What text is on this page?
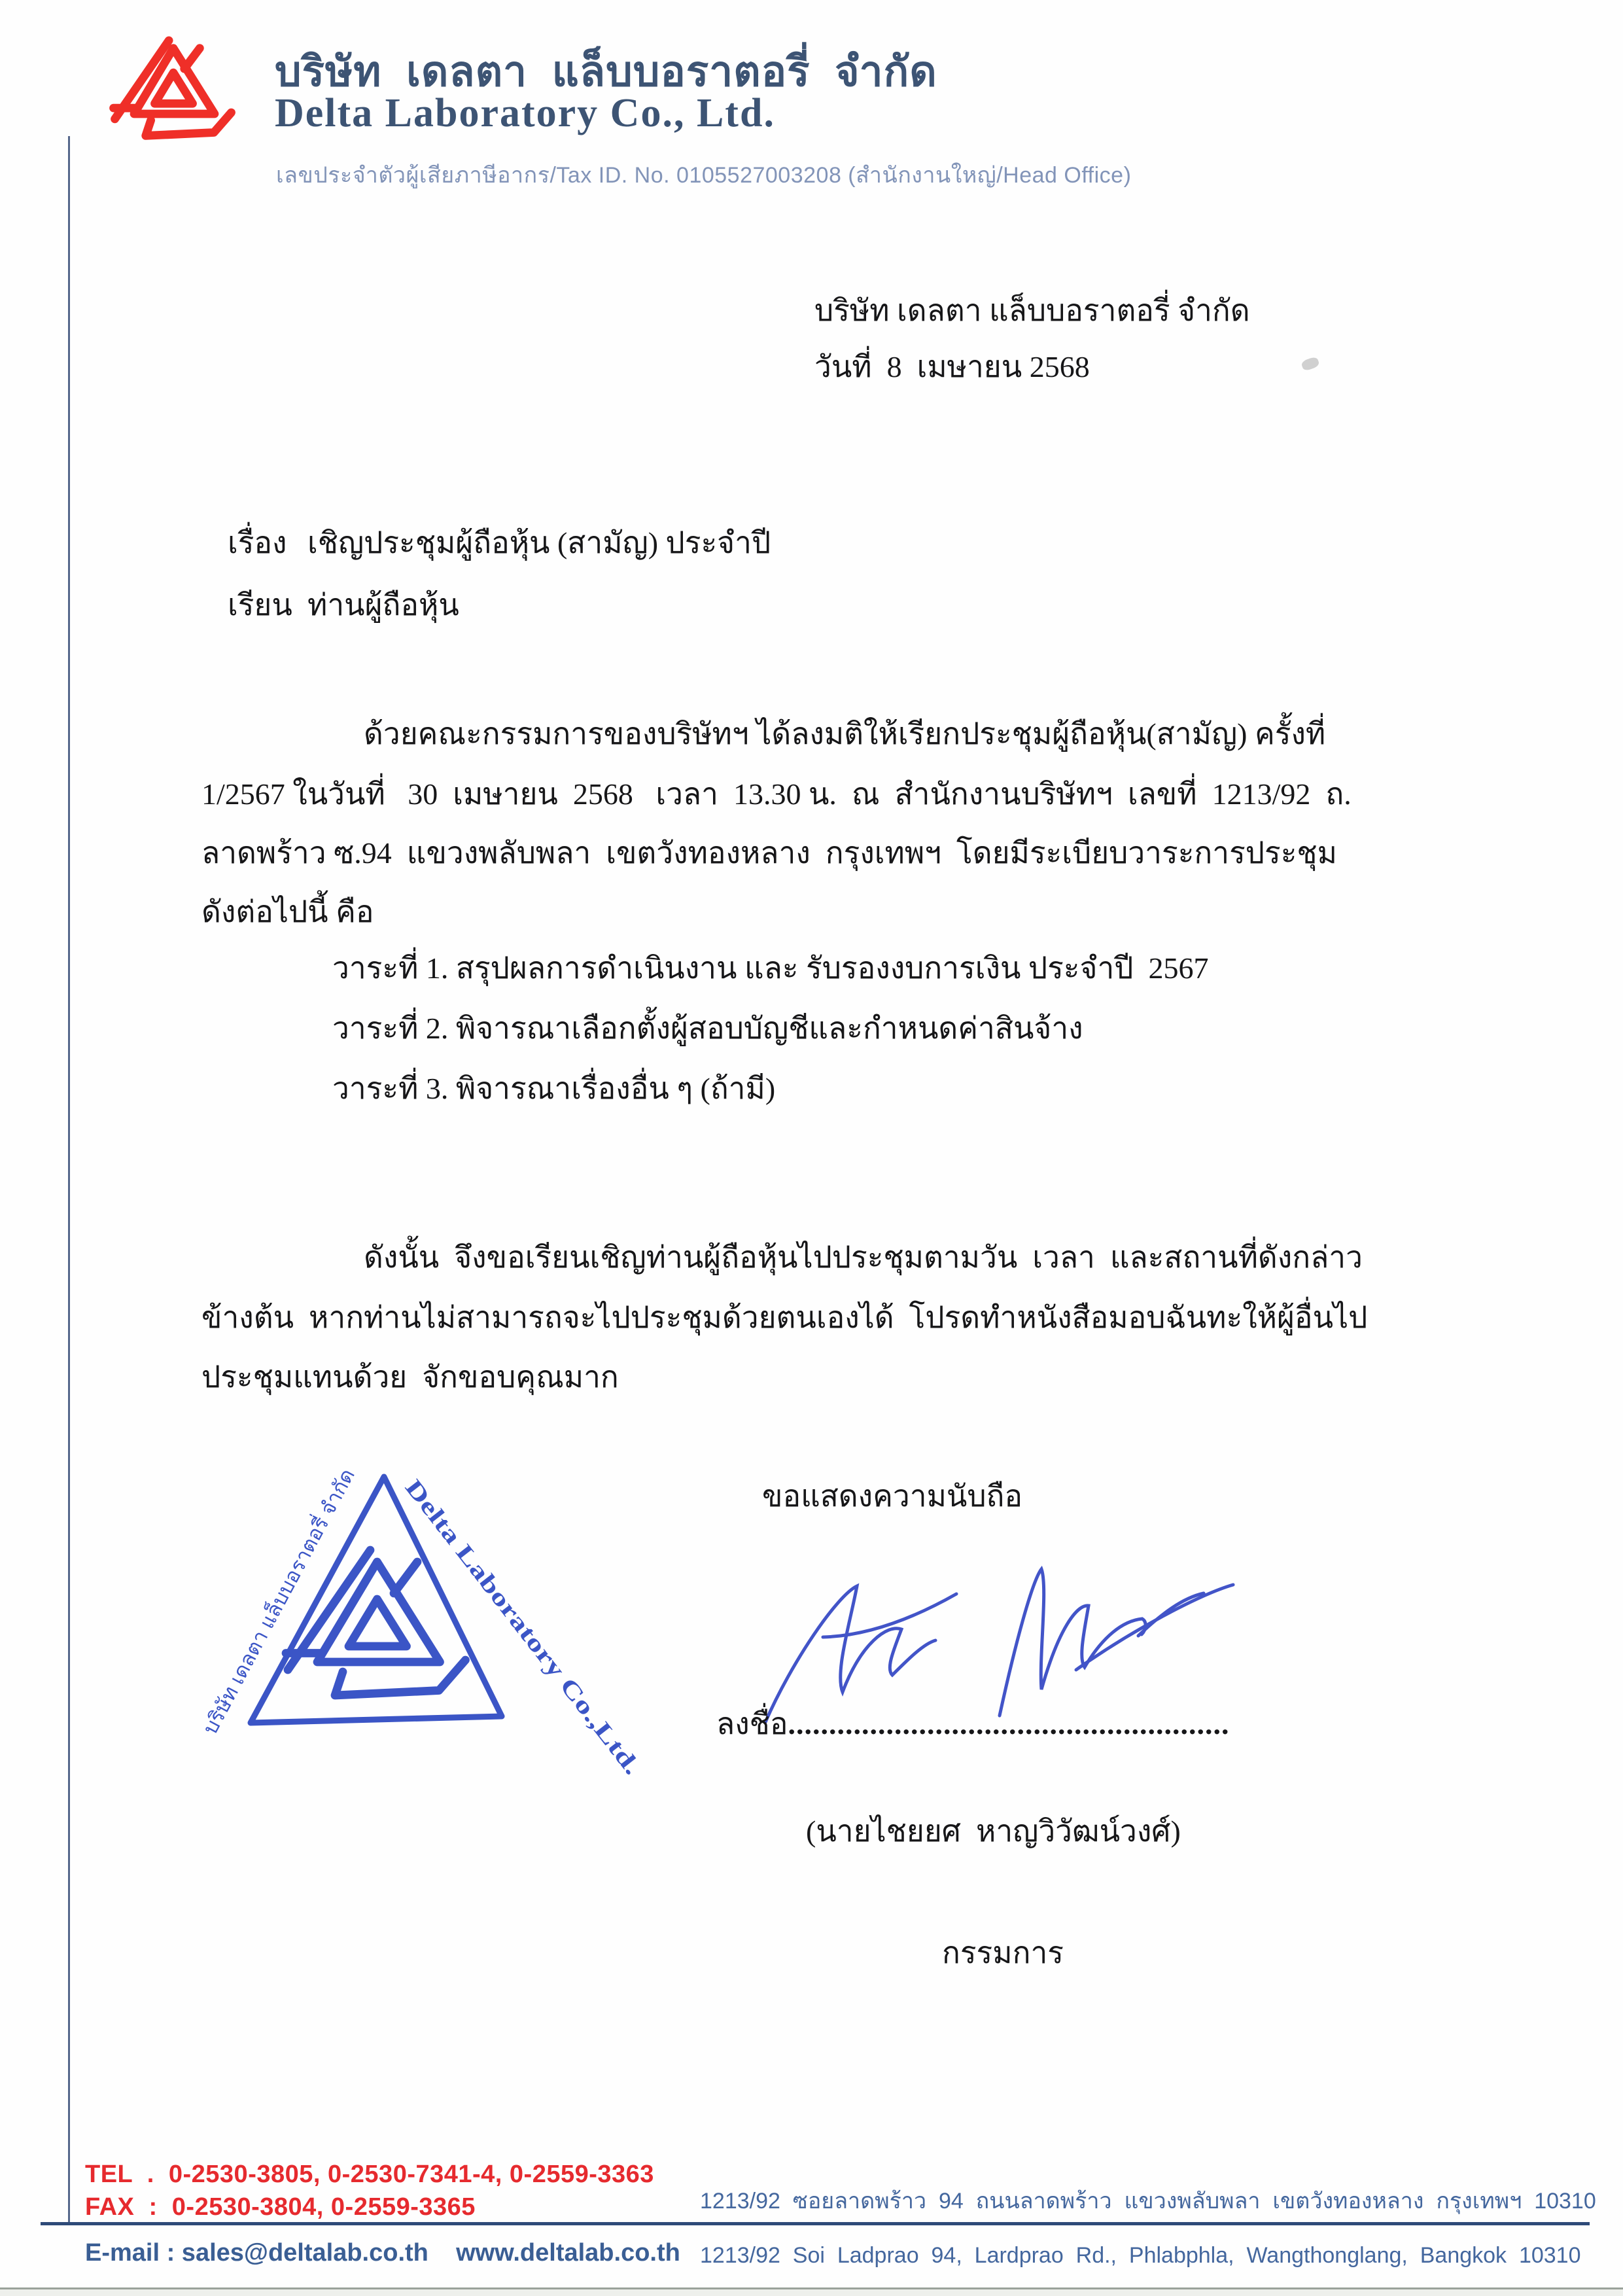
บริษัท  เดลตา  แล็บบอราตอรี่  จำกัด
Delta Laboratory Co., Ltd.
เลขประจำตัวผู้เสียภาษีอากร/Tax ID. No. 0105527003208 (สำนักงานใหญ่/Head Office)
บริษัท เดลตา แล็บบอราตอรี่ จำกัด
วันที่  8  เมษายน 2568
เรื่อง เชิญประชุมผู้ถือหุ้น (สามัญ) ประจำปี
เรียน ท่านผู้ถือหุ้น
ด้วยคณะกรรมการของบริษัทฯ ได้ลงมติให้เรียกประชุมผู้ถือหุ้น(สามัญ) ครั้งที่
1/2567 ในวันที่   30  เมษายน  2568   เวลา  13.30 น.  ณ  สำนักงานบริษัทฯ  เลขที่  1213/92  ถ.
ลาดพร้าว ซ.94  แขวงพลับพลา  เขตวังทองหลาง  กรุงเทพฯ  โดยมีระเบียบวาระการประชุม
ดังต่อไปนี้ คือ
วาระที่ 1. สรุปผลการดำเนินงาน และ รับรองงบการเงิน ประจำปี  2567
วาระที่ 2. พิจารณาเลือกตั้งผู้สอบบัญชีและกำหนดค่าสินจ้าง
วาระที่ 3. พิจารณาเรื่องอื่น ๆ (ถ้ามี)
ดังนั้น  จึงขอเรียนเชิญท่านผู้ถือหุ้นไปประชุมตามวัน  เวลา  และสถานที่ดังกล่าว
ข้างต้น  หากท่านไม่สามารถจะไปประชุมด้วยตนเองได้  โปรดทำหนังสือมอบฉันทะให้ผู้อื่นไป
ประชุมแทนด้วย  จักขอบคุณมาก
ขอแสดงความนับถือ
บริษัท เดลตา แล็บบอราตอรี่ จำกัด Delta Laboratory Co.,Ltd.
ลงชื่อ......................................................
(นายไชยยศ  หาญวิวัฒน์วงศ์)
กรรมการ
TEL  .  0-2530-3805, 0-2530-7341-4, 0-2559-3363
FAX  :  0-2530-3804, 0-2559-3365	1213/92  ซอยลาดพร้าว  94  ถนนลาดพร้าว  แขวงพลับพลา  เขตวังทองหลาง  กรุงเทพฯ  10310
E-mail : sales@deltalab.co.th    www.deltalab.co.th 1213/92  Soi  Ladprao  94,  Lardprao  Rd.,  Phlabphla,  Wangthonglang,  Bangkok  10310
